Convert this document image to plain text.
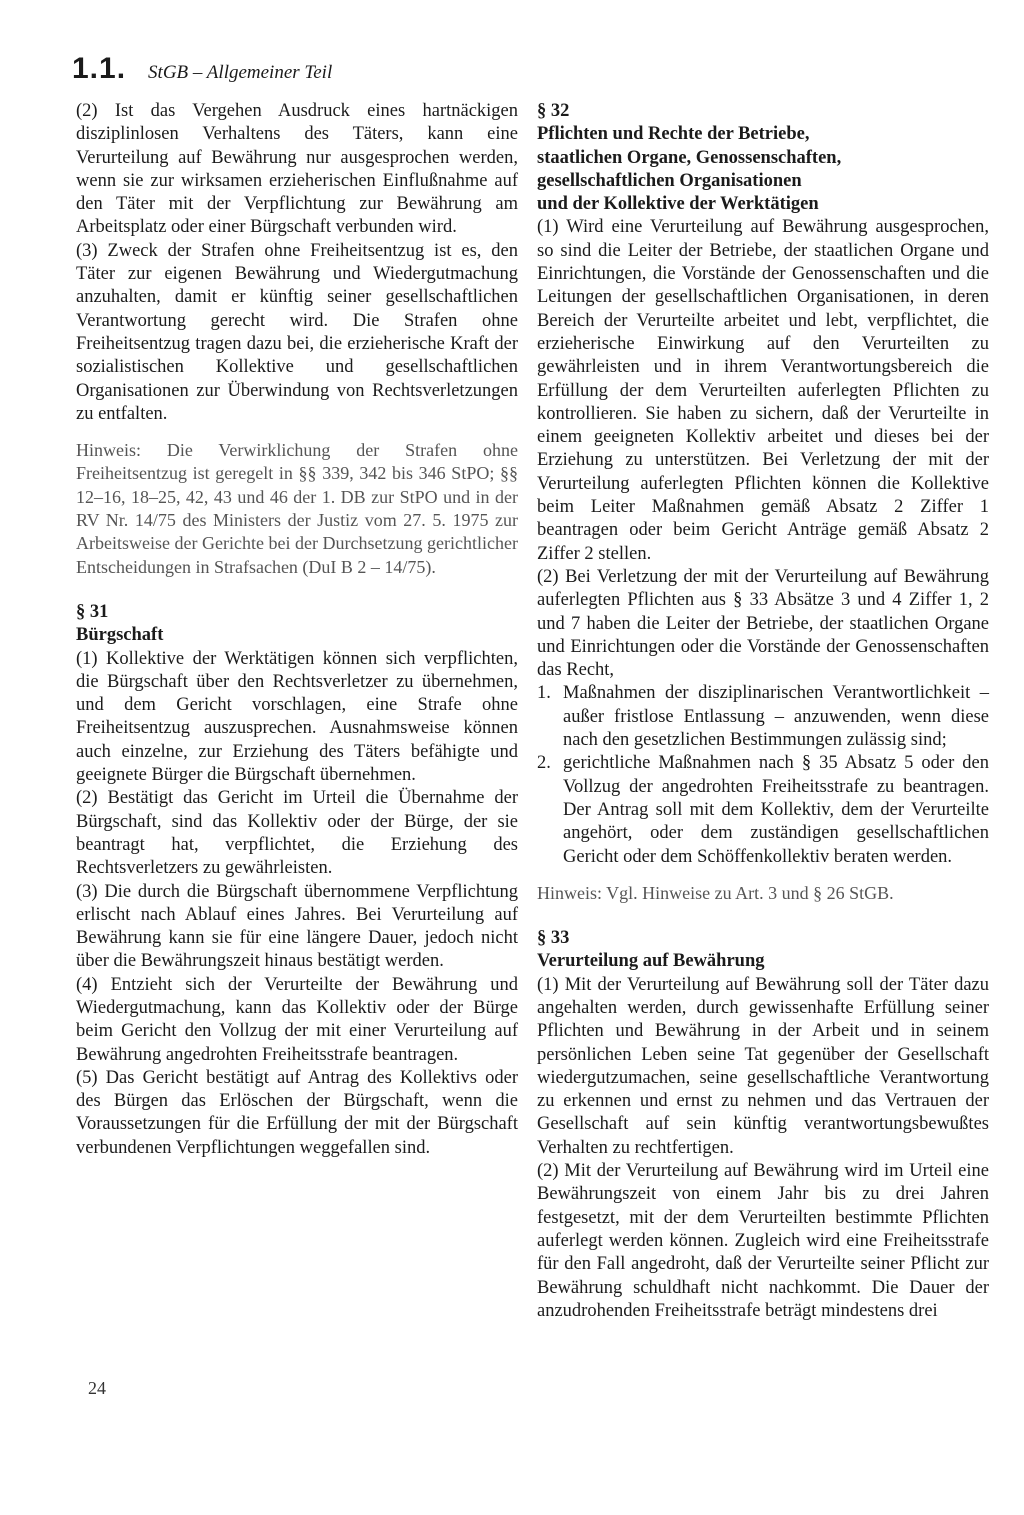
1.1. StGB – Allgemeiner Teil

(2) Ist das Vergehen Ausdruck eines hartnäckigen disziplinlosen Verhaltens des Täters, kann eine Verurteilung auf Bewährung nur ausgesprochen werden, wenn sie zur wirksamen erzieherischen Einflußnahme auf den Täter mit der Verpflichtung zur Bewährung am Arbeitsplatz oder einer Bürgschaft verbunden wird.

(3) Zweck der Strafen ohne Freiheitsentzug ist es, den Täter zur eigenen Bewährung und Wiedergutmachung anzuhalten, damit er künftig seiner gesellschaftlichen Verantwortung gerecht wird. Die Strafen ohne Freiheitsentzug tragen dazu bei, die erzieherische Kraft der sozialistischen Kollektive und gesellschaftlichen Organisationen zur Überwindung von Rechtsverletzungen zu entfalten.

Hinweis: Die Verwirklichung der Strafen ohne Freiheitsentzug ist geregelt in §§ 339, 342 bis 346 StPO; §§ 12–16, 18–25, 42, 43 und 46 der 1. DB zur StPO und in der RV Nr. 14/75 des Ministers der Justiz vom 27. 5. 1975 zur Arbeitsweise der Gerichte bei der Durchsetzung gerichtlicher Entscheidungen in Strafsachen (DuI B 2 – 14/75).

§ 31
Bürgschaft

(1) Kollektive der Werktätigen können sich verpflichten, die Bürgschaft über den Rechtsverletzer zu übernehmen, und dem Gericht vorschlagen, eine Strafe ohne Freiheitsentzug auszusprechen. Ausnahmsweise können auch einzelne, zur Erziehung des Täters befähigte und geeignete Bürger die Bürgschaft übernehmen.

(2) Bestätigt das Gericht im Urteil die Übernahme der Bürgschaft, sind das Kollektiv oder der Bürge, der sie beantragt hat, verpflichtet, die Erziehung des Rechtsverletzers zu gewährleisten.

(3) Die durch die Bürgschaft übernommene Verpflichtung erlischt nach Ablauf eines Jahres. Bei Verurteilung auf Bewährung kann sie für eine längere Dauer, jedoch nicht über die Bewährungszeit hinaus bestätigt werden.

(4) Entzieht sich der Verurteilte der Bewährung und Wiedergutmachung, kann das Kollektiv oder der Bürge beim Gericht den Vollzug der mit einer Verurteilung auf Bewährung angedrohten Freiheitsstrafe beantragen.

(5) Das Gericht bestätigt auf Antrag des Kollektivs oder des Bürgen das Erlöschen der Bürgschaft, wenn die Voraussetzungen für die Erfüllung der mit der Bürgschaft verbundenen Verpflichtungen weggefallen sind.

§ 32
Pflichten und Rechte der Betriebe,
staatlichen Organe, Genossenschaften,
gesellschaftlichen Organisationen
und der Kollektive der Werktätigen

(1) Wird eine Verurteilung auf Bewährung ausgesprochen, so sind die Leiter der Betriebe, der staatlichen Organe und Einrichtungen, die Vorstände der Genossenschaften und die Leitungen der gesellschaftlichen Organisationen, in deren Bereich der Verurteilte arbeitet und lebt, verpflichtet, die erzieherische Einwirkung auf den Verurteilten zu gewährleisten und in ihrem Verantwortungsbereich die Erfüllung der dem Verurteilten auferlegten Pflichten zu kontrollieren. Sie haben zu sichern, daß der Verurteilte in einem geeigneten Kollektiv arbeitet und dieses bei der Erziehung zu unterstützen. Bei Verletzung der mit der Verurteilung auferlegten Pflichten können die Kollektive beim Leiter Maßnahmen gemäß Absatz 2 Ziffer 1 beantragen oder beim Gericht Anträge gemäß Absatz 2 Ziffer 2 stellen.

(2) Bei Verletzung der mit der Verurteilung auf Bewährung auferlegten Pflichten aus § 33 Absätze 3 und 4 Ziffer 1, 2 und 7 haben die Leiter der Betriebe, der staatlichen Organe und Einrichtungen oder die Vorstände der Genossenschaften das Recht,

1. Maßnahmen der disziplinarischen Verantwortlichkeit – außer fristlose Entlassung – anzuwenden, wenn diese nach den gesetzlichen Bestimmungen zulässig sind;
2. gerichtliche Maßnahmen nach § 35 Absatz 5 oder den Vollzug der angedrohten Freiheitsstrafe zu beantragen. Der Antrag soll mit dem Kollektiv, dem der Verurteilte angehört, oder dem zuständigen gesellschaftlichen Gericht oder dem Schöffenkollektiv beraten werden.

Hinweis: Vgl. Hinweise zu Art. 3 und § 26 StGB.

§ 33
Verurteilung auf Bewährung

(1) Mit der Verurteilung auf Bewährung soll der Täter dazu angehalten werden, durch gewissenhafte Erfüllung seiner Pflichten und Bewährung in der Arbeit und in seinem persönlichen Leben seine Tat gegenüber der Gesellschaft wiedergutzumachen, seine gesellschaftliche Verantwortung zu erkennen und ernst zu nehmen und das Vertrauen der Gesellschaft auf sein künftig verantwortungsbewußtes Verhalten zu rechtfertigen.

(2) Mit der Verurteilung auf Bewährung wird im Urteil eine Bewährungszeit von einem Jahr bis zu drei Jahren festgesetzt, mit der dem Verurteilten bestimmte Pflichten auferlegt werden können. Zugleich wird eine Freiheitsstrafe für den Fall angedroht, daß der Verurteilte seiner Pflicht zur Bewährung schuldhaft nicht nachkommt. Die Dauer der anzudrohenden Freiheitsstrafe beträgt mindestens drei

24
